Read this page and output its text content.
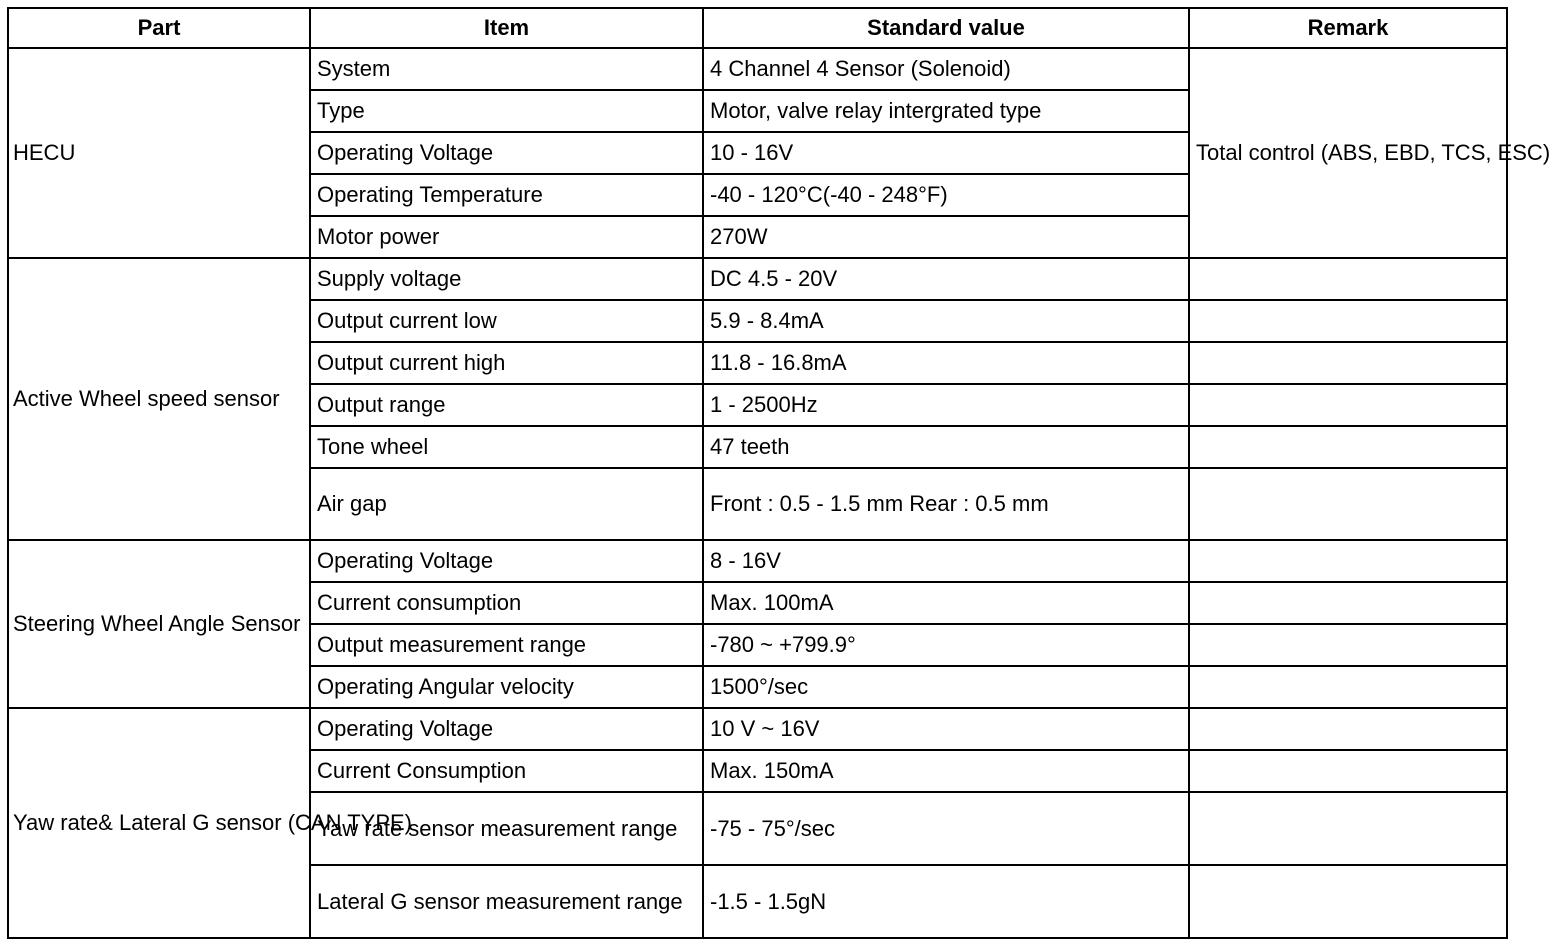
Part	Item	Standard value	Remark
HECU	System	4 Channel 4 Sensor (Solenoid)	Total control (ABS, EBD, TCS, ESC)
	Type	Motor, valve relay intergrated type	
	Operating Voltage	10 - 16V	
	Operating Temperature	-40 - 120°C(-40 - 248°F)	
	Motor power	270W	
Active Wheel speed sensor	Supply voltage	DC 4.5 - 20V	
	Output current low	5.9 - 8.4mA	
	Output current high	11.8 - 16.8mA	
	Output range	1 - 2500Hz	
	Tone wheel	47 teeth	
	Air gap	Front : 0.5 - 1.5 mm Rear : 0.5 mm	
Steering Wheel Angle Sensor	Operating Voltage	8 - 16V	
	Current consumption	Max. 100mA	
	Output measurement range	-780 ~ +799.9°	
	Operating Angular velocity	1500°/sec	
Yaw rate& Lateral G sensor (CAN TYPE)	Operating Voltage	10 V ~ 16V	
	Current Consumption	Max. 150mA	
	Yaw rate sensor measurement range	-75 - 75°/sec	
	Lateral G sensor measurement range	-1.5 - 1.5gN	
